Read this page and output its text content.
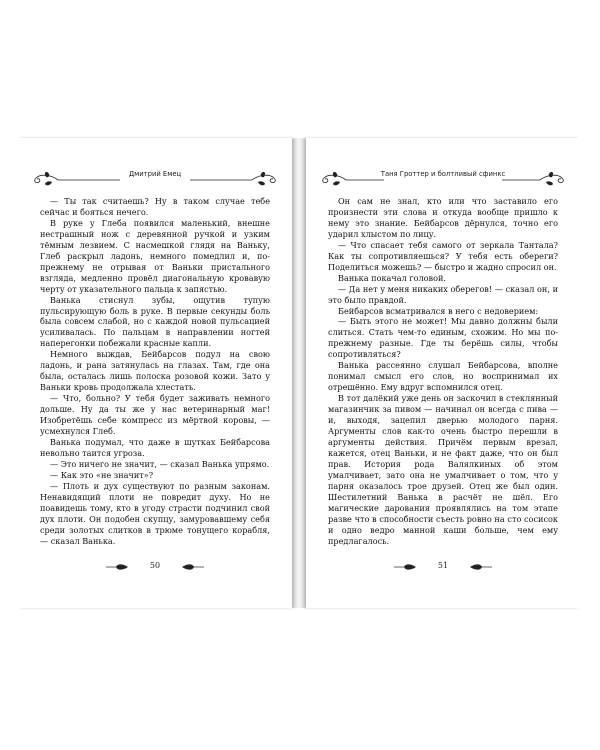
Дмитрий Емец

— Ты так считаешь? Ну в таком случае тебе сейчас и бояться нечего.

В руке у Глеба появился маленький, внешне нестрашный нож с деревянной ручкой и узким тёмным лезвием. С насмешкой глядя на Ваньку, Глеб раскрыл ладонь, немного помедлил и, по-прежнему не отрывая от Ваньки пристального взгляда, медленно провёл диагональную кровавую черту от указательного пальца к запястью.

Ванька стиснул зубы, ощутив тупую пульсирующую боль в руке. В первые секунды боль была совсем слабой, но с каждой новой пульсацией усиливалась. По пальцам в направлении ногтей наперегонки побежали красные капли.

Немного выждав, Бейбарсов подул на свою ладонь, и рана затянулась на глазах. Там, где она была, осталась лишь полоска розовой кожи. Зато у Ваньки кровь продолжала хлестать.

— Что, больно? У тебя будет заживать немного дольше. Ну да ты же у нас ветеринарный маг! Изобретёшь себе компресс из мёртвой коровы, — усмехнулся Глеб.

Ванька подумал, что даже в шутках Бейбарсова невольно таится угроза.

— Это ничего не значит, — сказал Ванька упрямо.

— Как это «не значит»?

— Плоть и дух существуют по разным законам. Ненавидящий плоти не повредит духу. Но не поавидешь тому, кто в угоду страсти подчинил свой дух плоти. Он подобен скупцу, замуровавшему себя среди золотых слитков в трюме тонущего корабля, — сказал Ванька.

50
Таня Гроттер и болтливый сфинкс

Он сам не знал, кто или что заставило его произнести эти слова и откуда вообще пришло к нему это знание. Бейбарсов дёрнулся, точно его ударил хлыстом по лицу.

— Что спасает тебя самого от зеркала Тантала? Как ты сопротивляешься? У тебя есть обереги? Поделиться можешь? — быстро и жадно спросил он.

Ванька покачал головой.

— Да нет у меня никаких оберегов! — сказал он, и это было правдой.

Бейбарсов всматривался в него с недоверием:

— Быть этого не может! Мы давно должны были слиться. Стать чем-то единым, схожим. Но мы по-прежнему разные. Где ты берёшь силы, чтобы сопротивляться?

Ванька рассеянно слушал Бейбарсова, вполне понимал смысл его слов, но воспринимал их отрешённо. Ему вдруг вспомнился отец.

В тот далёкий уже день он заскочил в стеклянный магазинчик за пивом — начинал он всегда с пива — и, выходя, зацепил дверью молодого парня. Аргументы слов как-то очень быстро перешли в аргументы действия. Причём первым врезал, кажется, отец Ваньки, и не факт даже, что он был прав. История рода Валялкиных об этом умалчивает, зато она не умалчивает о том, что у парня оказалось трое друзей. Отец же был один. Шестилетний Ванька в расчёт не шёл. Его магические дарования проявлялись на том этапе разве что в способности съесть ровно на сто сосисок и одно ведро манной каши больше, чем ему предлагалось.

51
